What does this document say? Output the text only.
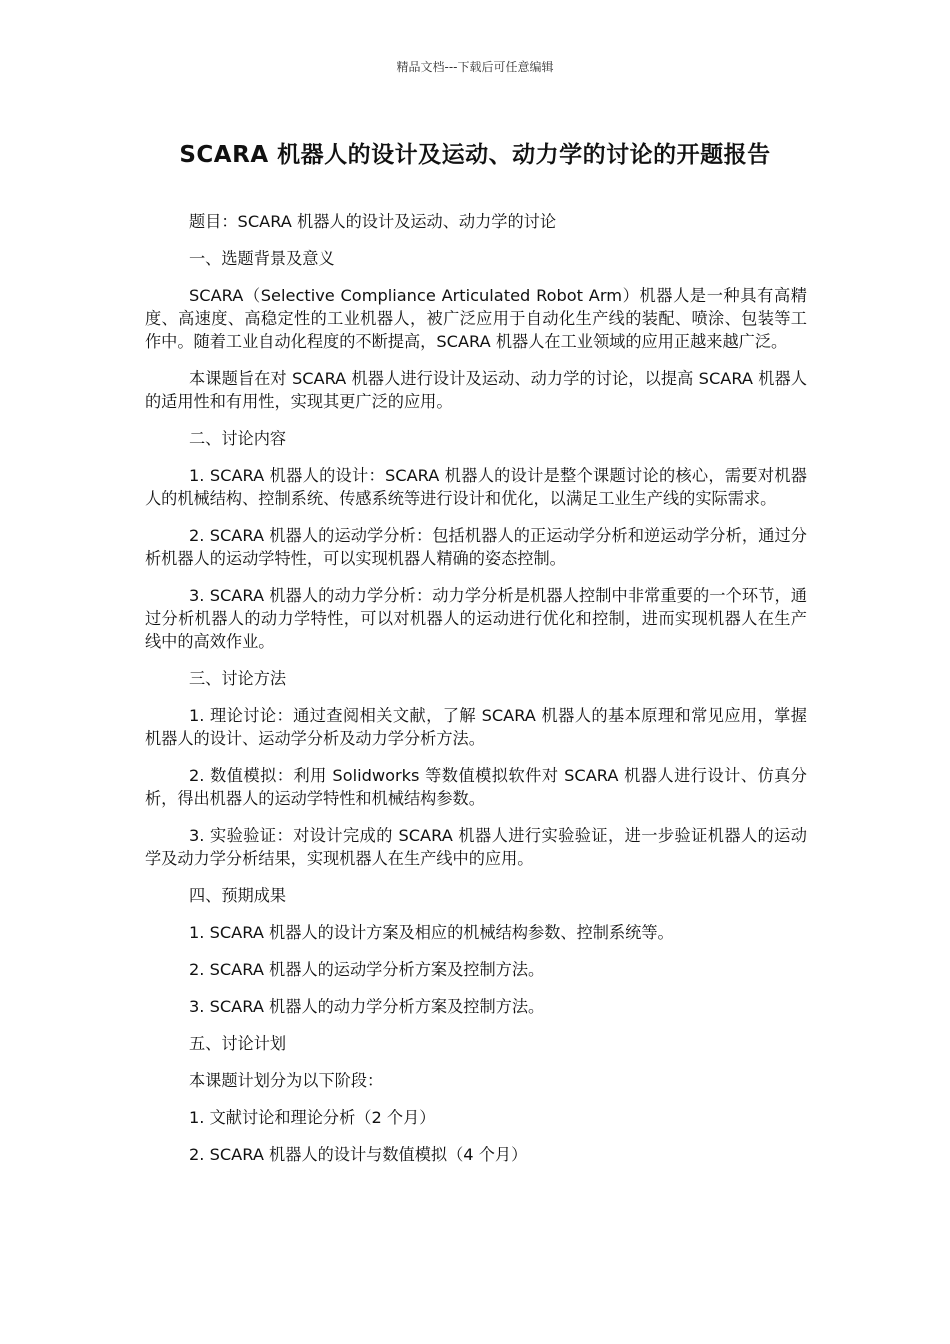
精品文档---下载后可任意编辑
SCARA 机器人的设计及运动、动力学的讨论的开题报告
题目：SCARA 机器人的设计及运动、动力学的讨论
一、选题背景及意义
SCARA（Selective Compliance Articulated Robot Arm）机器人是一种具有高精度、高速度、高稳定性的工业机器人，被广泛应用于自动化生产线的装配、喷涂、包装等工作中。随着工业自动化程度的不断提高，SCARA 机器人在工业领域的应用正越来越广泛。
本课题旨在对 SCARA 机器人进行设计及运动、动力学的讨论，以提高 SCARA 机器人的适用性和有用性，实现其更广泛的应用。
二、讨论内容
1. SCARA 机器人的设计：SCARA 机器人的设计是整个课题讨论的核心，需要对机器人的机械结构、控制系统、传感系统等进行设计和优化，以满足工业生产线的实际需求。
2. SCARA 机器人的运动学分析：包括机器人的正运动学分析和逆运动学分析，通过分析机器人的运动学特性，可以实现机器人精确的姿态控制。
3. SCARA 机器人的动力学分析：动力学分析是机器人控制中非常重要的一个环节，通过分析机器人的动力学特性，可以对机器人的运动进行优化和控制，进而实现机器人在生产线中的高效作业。
三、讨论方法
1. 理论讨论：通过查阅相关文献，了解 SCARA 机器人的基本原理和常见应用，掌握机器人的设计、运动学分析及动力学分析方法。
2. 数值模拟：利用 Solidworks 等数值模拟软件对 SCARA 机器人进行设计、仿真分析，得出机器人的运动学特性和机械结构参数。
3. 实验验证：对设计完成的 SCARA 机器人进行实验验证，进一步验证机器人的运动学及动力学分析结果，实现机器人在生产线中的应用。
四、预期成果
1. SCARA 机器人的设计方案及相应的机械结构参数、控制系统等。
2. SCARA 机器人的运动学分析方案及控制方法。
3. SCARA 机器人的动力学分析方案及控制方法。
五、讨论计划
本课题计划分为以下阶段：
1. 文献讨论和理论分析（2 个月）
2. SCARA 机器人的设计与数值模拟（4 个月）
